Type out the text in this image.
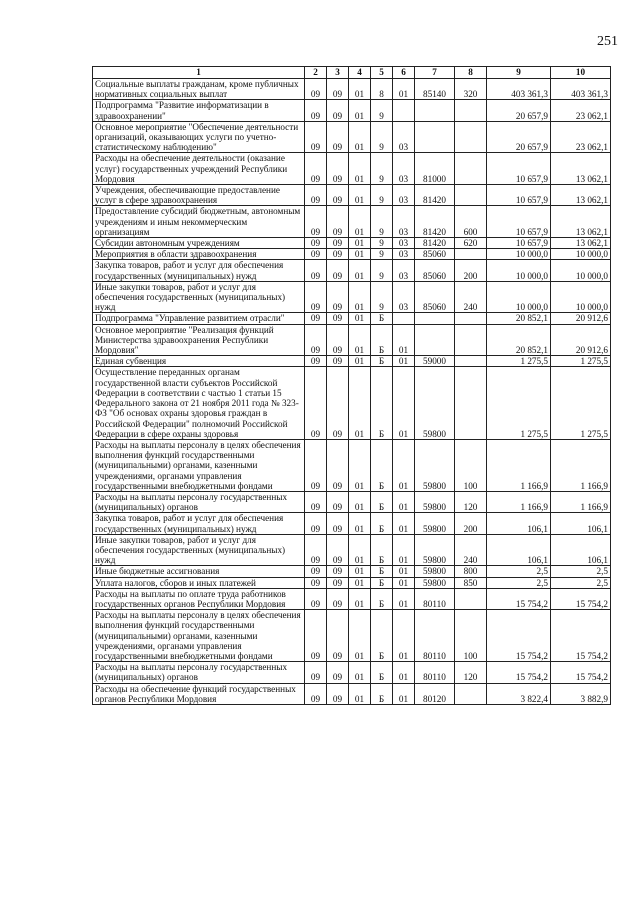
251
1	2	3	4	5	6	7	8	9	10
Социальные выплаты гражданам, кроме публичных нормативных социальных выплат	09	09	01	8	01	85140	320	403 361,3	403 361,3
Подпрограмма "Развитие информатизации в здравоохранении"	09	09	01	9				20 657,9	23 062,1
Основное мероприятие "Обеспечение деятельности организаций, оказывающих услуги по учетно-статистическому наблюдению"	09	09	01	9	03			20 657,9	23 062,1
Расходы на обеспечение деятельности (оказание услуг) государственных учреждений Республики Мордовия	09	09	01	9	03	81000		10 657,9	13 062,1
Учреждения, обеспечивающие предоставление услуг в сфере здравоохранения	09	09	01	9	03	81420		10 657,9	13 062,1
Предоставление субсидий бюджетным, автономным учреждениям и иным некоммерческим организациям	09	09	01	9	03	81420	600	10 657,9	13 062,1
Субсидии автономным учреждениям	09	09	01	9	03	81420	620	10 657,9	13 062,1
Мероприятия в области здравоохранения	09	09	01	9	03	85060		10 000,0	10 000,0
Закупка товаров, работ и услуг для обеспечения государственных (муниципальных) нужд	09	09	01	9	03	85060	200	10 000,0	10 000,0
Иные закупки товаров, работ и услуг для обеспечения государственных (муниципальных) нужд	09	09	01	9	03	85060	240	10 000,0	10 000,0
Подпрограмма "Управление развитием отрасли"	09	09	01	Б				20 852,1	20 912,6
Основное мероприятие "Реализация функций Министерства здравоохранения Республики Мордовия"	09	09	01	Б	01			20 852,1	20 912,6
Единая субвенция	09	09	01	Б	01	59000		1 275,5	1 275,5
Осуществление переданных органам государственной власти субъектов Российской Федерации в соответствии с частью 1 статьи 15 Федерального закона от 21 ноября 2011 года № 323-ФЗ "Об основах охраны здоровья граждан в Российской Федерации" полномочий Российской Федерации в сфере охраны здоровья	09	09	01	Б	01	59800		1 275,5	1 275,5
Расходы на выплаты персоналу в целях обеспечения выполнения функций государственными (муниципальными) органами, казенными учреждениями, органами управления государственными внебюджетными фондами	09	09	01	Б	01	59800	100	1 166,9	1 166,9
Расходы на выплаты персоналу государственных (муниципальных) органов	09	09	01	Б	01	59800	120	1 166,9	1 166,9
Закупка товаров, работ и услуг для обеспечения государственных (муниципальных) нужд	09	09	01	Б	01	59800	200	106,1	106,1
Иные закупки товаров, работ и услуг для обеспечения государственных (муниципальных) нужд	09	09	01	Б	01	59800	240	106,1	106,1
Иные бюджетные ассигнования	09	09	01	Б	01	59800	800	2,5	2,5
Уплата налогов, сборов и иных платежей	09	09	01	Б	01	59800	850	2,5	2,5
Расходы на выплаты по оплате труда работников государственных органов Республики Мордовия	09	09	01	Б	01	80110		15 754,2	15 754,2
Расходы на выплаты персоналу в целях обеспечения выполнения функций государственными (муниципальными) органами, казенными учреждениями, органами управления государственными внебюджетными фондами	09	09	01	Б	01	80110	100	15 754,2	15 754,2
Расходы на выплаты персоналу государственных (муниципальных) органов	09	09	01	Б	01	80110	120	15 754,2	15 754,2
Расходы на обеспечение функций государственных органов Республики Мордовия	09	09	01	Б	01	80120		3 822,4	3 882,9
